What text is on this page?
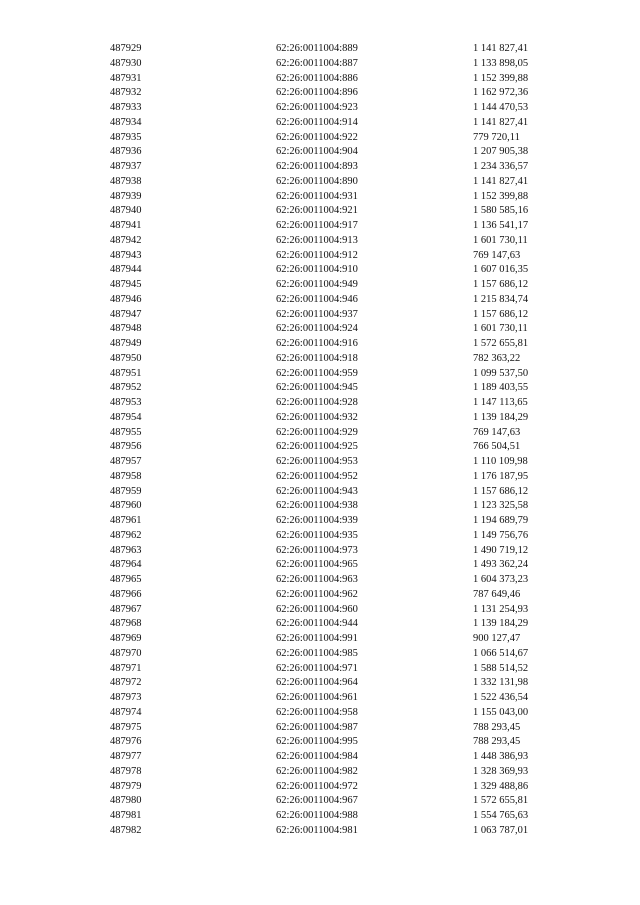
487929	62:26:0011004:889	1 141 827,41
487930	62:26:0011004:887	1 133 898,05
487931	62:26:0011004:886	1 152 399,88
487932	62:26:0011004:896	1 162 972,36
487933	62:26:0011004:923	1 144 470,53
487934	62:26:0011004:914	1 141 827,41
487935	62:26:0011004:922	779 720,11
487936	62:26:0011004:904	1 207 905,38
487937	62:26:0011004:893	1 234 336,57
487938	62:26:0011004:890	1 141 827,41
487939	62:26:0011004:931	1 152 399,88
487940	62:26:0011004:921	1 580 585,16
487941	62:26:0011004:917	1 136 541,17
487942	62:26:0011004:913	1 601 730,11
487943	62:26:0011004:912	769 147,63
487944	62:26:0011004:910	1 607 016,35
487945	62:26:0011004:949	1 157 686,12
487946	62:26:0011004:946	1 215 834,74
487947	62:26:0011004:937	1 157 686,12
487948	62:26:0011004:924	1 601 730,11
487949	62:26:0011004:916	1 572 655,81
487950	62:26:0011004:918	782 363,22
487951	62:26:0011004:959	1 099 537,50
487952	62:26:0011004:945	1 189 403,55
487953	62:26:0011004:928	1 147 113,65
487954	62:26:0011004:932	1 139 184,29
487955	62:26:0011004:929	769 147,63
487956	62:26:0011004:925	766 504,51
487957	62:26:0011004:953	1 110 109,98
487958	62:26:0011004:952	1 176 187,95
487959	62:26:0011004:943	1 157 686,12
487960	62:26:0011004:938	1 123 325,58
487961	62:26:0011004:939	1 194 689,79
487962	62:26:0011004:935	1 149 756,76
487963	62:26:0011004:973	1 490 719,12
487964	62:26:0011004:965	1 493 362,24
487965	62:26:0011004:963	1 604 373,23
487966	62:26:0011004:962	787 649,46
487967	62:26:0011004:960	1 131 254,93
487968	62:26:0011004:944	1 139 184,29
487969	62:26:0011004:991	900 127,47
487970	62:26:0011004:985	1 066 514,67
487971	62:26:0011004:971	1 588 514,52
487972	62:26:0011004:964	1 332 131,98
487973	62:26:0011004:961	1 522 436,54
487974	62:26:0011004:958	1 155 043,00
487975	62:26:0011004:987	788 293,45
487976	62:26:0011004:995	788 293,45
487977	62:26:0011004:984	1 448 386,93
487978	62:26:0011004:982	1 328 369,93
487979	62:26:0011004:972	1 329 488,86
487980	62:26:0011004:967	1 572 655,81
487981	62:26:0011004:988	1 554 765,63
487982	62:26:0011004:981	1 063 787,01
